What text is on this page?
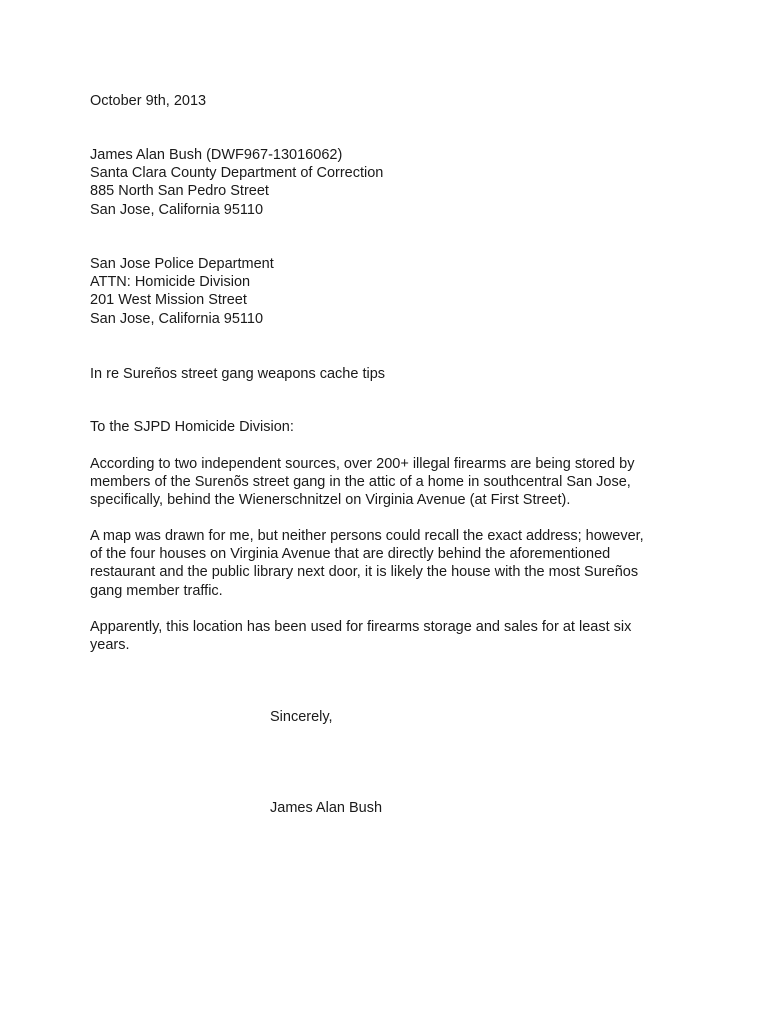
October 9th, 2013
James Alan Bush (DWF967-13016062)
Santa Clara County Department of Correction
885 North San Pedro Street
San Jose, California 95110
San Jose Police Department
ATTN: Homicide Division
201 West Mission Street
San Jose, California 95110
In re Sureños street gang weapons cache tips
To the SJPD Homicide Division:
According to two independent sources, over 200+ illegal firearms are being stored by
members of the Surenõs street gang in the attic of a home in southcentral San Jose,
specifically, behind the Wienerschnitzel on Virginia Avenue (at First Street).
A map was drawn for me, but neither persons could recall the exact address; however,
of the four houses on Virginia Avenue that are directly behind the aforementioned
restaurant and the public library next door, it is likely the house with the most Sureños
gang member traffic.
Apparently, this location has been used for firearms storage and sales for at least six
years.
Sincerely,
James Alan Bush
